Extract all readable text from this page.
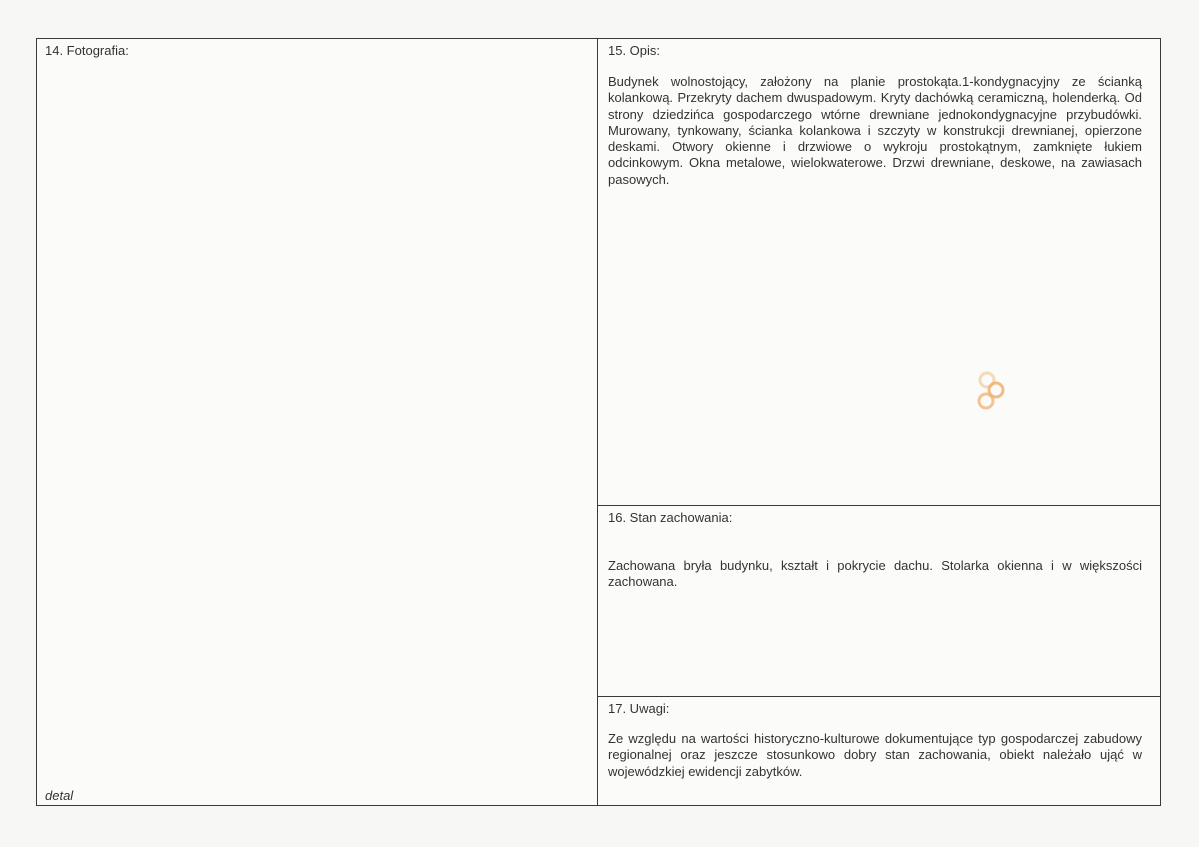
14. Fotografia:
detal
15. Opis:
Budynek wolnostojący, założony na planie prostokąta.1-kondygnacyjny ze ścianką kolankową. Przekryty dachem dwuspadowym. Kryty dachówką ceramiczną, holenderką. Od strony dziedzińca gospodarczego wtórne drewniane jednokondygnacyjne przybudówki. Murowany, tynkowany, ścianka kolankowa i szczyty w konstrukcji drewnianej, opierzone deskami. Otwory okienne i drzwiowe o wykroju prostokątnym, zamknięte łukiem odcinkowym. Okna metalowe, wielokwaterowe. Drzwi drewniane, deskowe, na zawiasach pasowych.
16. Stan zachowania:
Zachowana bryła budynku, kształt i pokrycie dachu. Stolarka okienna i w większości zachowana.
17. Uwagi:
Ze względu na wartości historyczno-kulturowe dokumentujące typ gospodarczej zabudowy regionalnej oraz jeszcze stosunkowo dobry stan zachowania, obiekt należało ująć w wojewódzkiej ewidencji zabytków.
